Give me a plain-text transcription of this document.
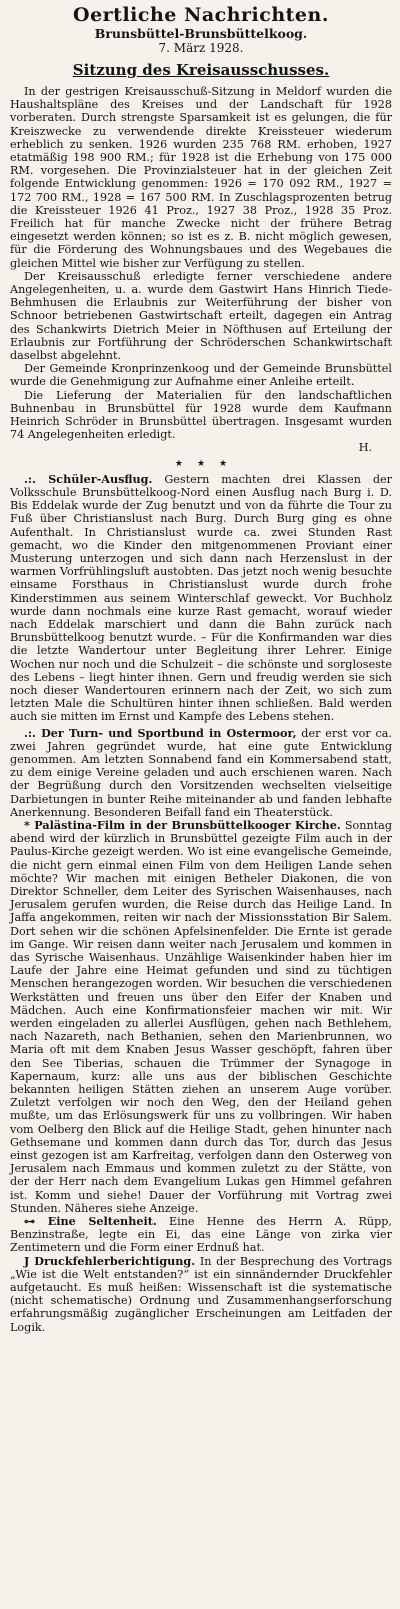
Oertliche Nachrichten.
Brunsbüttel-Brunsbüttelkoog.
7. März 1928.
Sitzung des Kreisausschusses.

In der gestrigen Kreisausschuß-Sitzung in Meldorf wurden die Haushaltspläne des Kreises und der Landschaft für 1928 vorberaten. Durch strengste Sparsamkeit ist es gelungen, die für Kreiszwecke zu verwendende direkte Kreissteuer wiederum erheblich zu senken. 1926 wurden 235 768 RM. erhoben, 1927 etatmäßig 198 900 RM.; für 1928 ist die Erhebung von 175 000 RM. vorgesehen. Die Provinzialsteuer hat in der gleichen Zeit folgende Entwicklung genommen: 1926 = 170 092 RM., 1927 = 172 700 RM., 1928 = 167 500 RM. In Zuschlagsprozenten betrug die Kreissteuer 1926 41 Proz., 1927 38 Proz., 1928 35 Proz. Freilich hat für manche Zwecke nicht der frühere Betrag eingesetzt werden können; so ist es z. B. nicht möglich gewesen, für die Förderung des Wohnungsbaues und des Wegebaues die gleichen Mittel wie bisher zur Verfügung zu stellen.

Der Kreisausschuß erledigte ferner verschiedene andere Angelegenheiten, u. a. wurde dem Gastwirt Hans Hinrich Tiede-Behmhusen die Erlaubnis zur Weiterführung der bisher von Schnoor betriebenen Gastwirtschaft erteilt, dagegen ein Antrag des Schankwirts Dietrich Meier in Nöfthusen auf Erteilung der Erlaubnis zur Fortführung der Schröderschen Schankwirtschaft daselbst abgelehnt.

Der Gemeinde Kronprinzenkoog und der Gemeinde Brunsbüttel wurde die Genehmigung zur Aufnahme einer Anleihe erteilt.

Die Lieferung der Materialien für den landschaftlichen Buhnenbau in Brunsbüttel für 1928 wurde dem Kaufmann Heinrich Schröder in Brunsbüttel übertragen. Insgesamt wurden 74 Angelegenheiten erledigt.

H.
★ ★ ★

.:. Schüler-Ausflug. Gestern machten drei Klassen der Volksschule Brunsbüttelkoog-Nord einen Ausflug nach Burg i. D. Bis Eddelak wurde der Zug benutzt und von da führte die Tour zu Fuß über Christianslust nach Burg. Durch Burg ging es ohne Aufenthalt. In Christianslust wurde ca. zwei Stunden Rast gemacht, wo die Kinder den mitgenommenen Proviant einer Musterung unterzogen und sich dann nach Herzenslust in der warmen Vorfrühlingsluft austobten. Das jetzt noch wenig besuchte einsame Forsthaus in Christianslust wurde durch frohe Kinderstimmen aus seinem Winterschlaf geweckt. Vor Buchholz wurde dann nochmals eine kurze Rast gemacht, worauf wieder nach Eddelak marschiert und dann die Bahn zurück nach Brunsbüttelkoog benutzt wurde. – Für die Konfirmanden war dies die letzte Wandertour unter Begleitung ihrer Lehrer. Einige Wochen nur noch und die Schulzeit – die schönste und sorgloseste des Lebens – liegt hinter ihnen. Gern und freudig werden sie sich noch dieser Wandertouren erinnern nach der Zeit, wo sich zum letzten Male die Schultüren hinter ihnen schließen. Bald werden auch sie mitten im Ernst und Kampfe des Lebens stehen.

.:. Der Turn- und Sportbund in Ostermoor, der erst vor ca. zwei Jahren gegründet wurde, hat eine gute Entwicklung genommen. Am letzten Sonnabend fand ein Kommersabend statt, zu dem einige Vereine geladen und auch erschienen waren. Nach der Begrüßung durch den Vorsitzenden wechselten vielseitige Darbietungen in bunter Reihe miteinander ab und fanden lebhafte Anerkennung. Besonderen Beifall fand ein Theaterstück.

* Palästina-Film in der Brunsbüttelkooger Kirche. Sonntag abend wird der kürzlich in Brunsbüttel gezeigte Film auch in der Paulus-Kirche gezeigt werden. Wo ist eine evangelische Gemeinde, die nicht gern einmal einen Film von dem Heiligen Lande sehen möchte? Wir machen mit einigen Betheler Diakonen, die von Direktor Schneller, dem Leiter des Syrischen Waisenhauses, nach Jerusalem gerufen wurden, die Reise durch das Heilige Land. In Jaffa angekommen, reiten wir nach der Missionsstation Bir Salem. Dort sehen wir die schönen Apfelsinenfelder. Die Ernte ist gerade im Gange. Wir reisen dann weiter nach Jerusalem und kommen in das Syrische Waisenhaus. Unzählige Waisenkinder haben hier im Laufe der Jahre eine Heimat gefunden und sind zu tüchtigen Menschen herangezogen worden. Wir besuchen die verschiedenen Werkstätten und freuen uns über den Eifer der Knaben und Mädchen. Auch eine Konfirmationsfeier machen wir mit. Wir werden eingeladen zu allerlei Ausflügen, gehen nach Bethlehem, nach Nazareth, nach Bethanien, sehen den Marienbrunnen, wo Maria oft mit dem Knaben Jesus Wasser geschöpft, fahren über den See Tiberias, schauen die Trümmer der Synagoge in Kapernaum, kurz: alle uns aus der biblischen Geschichte bekannten heiligen Stätten ziehen an unserem Auge vorüber. Zuletzt verfolgen wir noch den Weg, den der Heiland gehen mußte, um das Erlösungswerk für uns zu vollbringen. Wir haben vom Oelberg den Blick auf die Heilige Stadt, gehen hinunter nach Gethsemane und kommen dann durch das Tor, durch das Jesus einst gezogen ist am Karfreitag, verfolgen dann den Osterweg von Jerusalem nach Emmaus und kommen zuletzt zu der Stätte, von der der Herr nach dem Evangelium Lukas gen Himmel gefahren ist. Komm und siehe! Dauer der Vorführung mit Vortrag zwei Stunden. Näheres siehe Anzeige.

⊶ Eine Seltenheit. Eine Henne des Herrn A. Rüpp, Benzinstraße, legte ein Ei, das eine Länge von zirka vier Zentimetern und die Form einer Erdnuß hat.

J Druckfehlerberichtigung. In der Besprechung des Vortrags „Wie ist die Welt entstanden?“ ist ein sinnändernder Druckfehler aufgetaucht. Es muß heißen: Wissenschaft ist die systematische (nicht schematische) Ordnung und Zusammenhangserforschung erfahrungsmäßig zugänglicher Erscheinungen am Leitfaden der Logik.
